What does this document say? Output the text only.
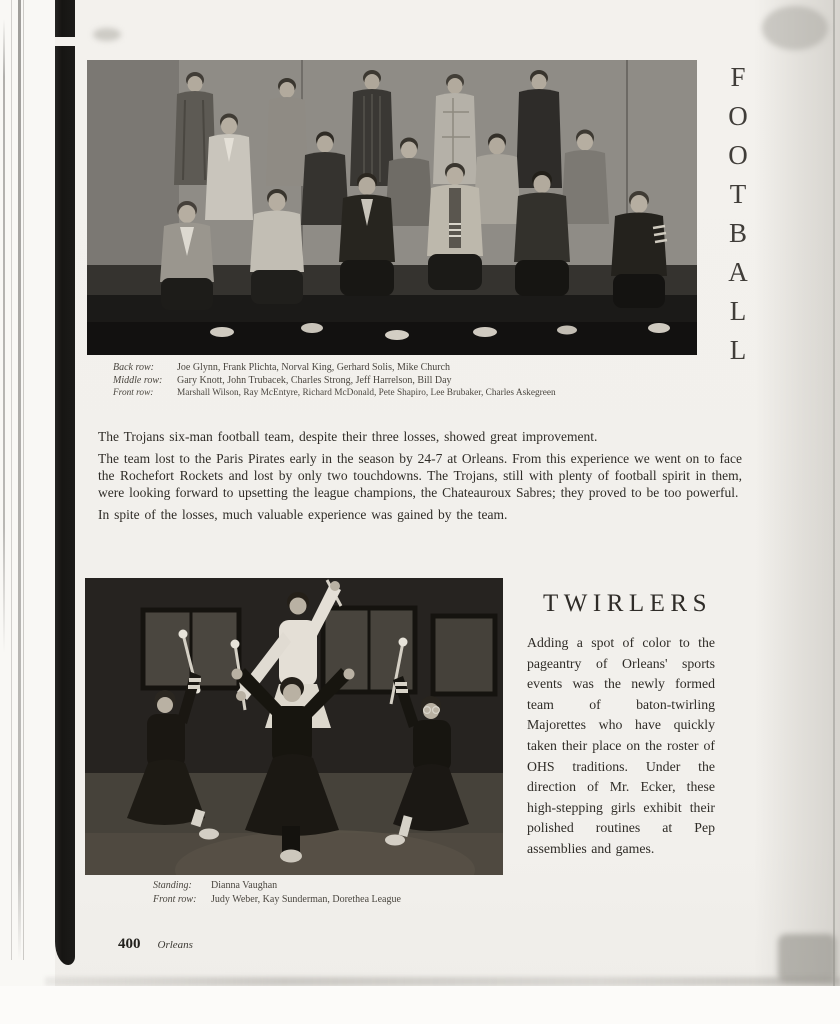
FOOTBALL
Back row:	Joe Glynn, Frank Plichta, Norval King, Gerhard Solis, Mike Church
Middle row:	Gary Knott, John Trubacek, Charles Strong, Jeff Harrelson, Bill Day
Front row:	Marshall Wilson, Ray McEntyre, Richard McDonald, Pete Shapiro, Lee Brubaker, Charles Askegreen

The Trojans six-man football team, despite their three losses, showed great improvement.

The team lost to the Paris Pirates early in the season by 24-7 at Orleans. From this experience we went on to face the Rochefort Rockets and lost by only two touchdowns. The Trojans, still with plenty of football spirit in them, were looking forward to upsetting the league champions, the Chateauroux Sabres; they proved to be too powerful.

In spite of the losses, much valuable experience was gained by the team.

TWIRLERS
Adding a spot of color to the pageantry of Orleans' sports events was the newly formed team of baton-twirling Majorettes who have quickly taken their place on the roster of OHS traditions. Under the direction of Mr. Ecker, these high-stepping girls exhibit their polished routines at Pep assemblies and games.
Standing:	Dianna Vaughan
Front row:	Judy Weber, Kay Sunderman, Dorethea League
400 Orleans
